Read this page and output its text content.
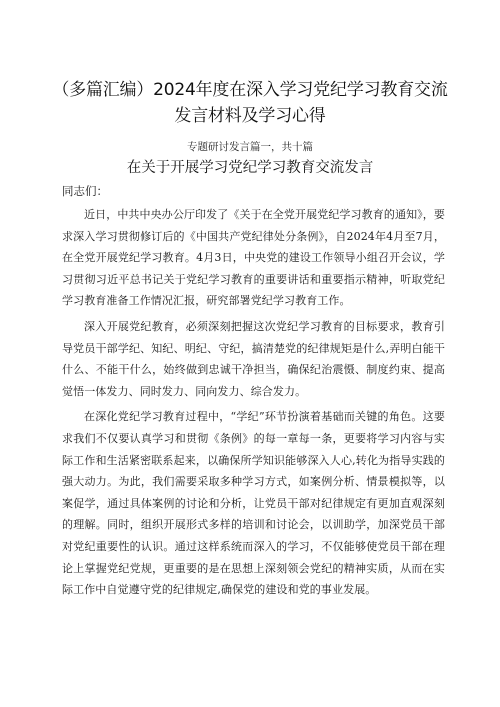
（多篇汇编）2024年度在深入学习党纪学习教育交流
发言材料及学习心得
专题研讨发言篇一，共十篇
在关于开展学习党纪学习教育交流发言
同志们：

近日，中共中央办公厅印发了《关于在全党开展党纪学习教育的通知》，要求深入学习贯彻修订后的《中国共产党纪律处分条例》，自2024年4月至7月，在全党开展党纪学习教育。4月3日，中央党的建设工作领导小组召开会议，学习贯彻习近平总书记关于党纪学习教育的重要讲话和重要指示精神，听取党纪学习教育准备工作情况汇报，研究部署党纪学习教育工作。

深入开展党纪教育，必须深刻把握这次党纪学习教育的目标要求，教育引导党员干部学纪、知纪、明纪、守纪，搞清楚党的纪律规矩是什么,弄明白能干什么、不能干什么，始终做到忠诚干净担当，确保纪治震慑、制度约束、提高觉悟一体发力、同时发力、同向发力、综合发力。

在深化党纪学习教育过程中，“学纪”环节扮演着基础而关键的角色。这要求我们不仅要认真学习和贯彻《条例》的每一章每一条，更要将学习内容与实际工作和生活紧密联系起来，以确保所学知识能够深入人心,转化为指导实践的强大动力。为此，我们需要采取多种学习方式，如案例分析、情景模拟等，以案促学，通过具体案例的讨论和分析，让党员干部对纪律规定有更加直观深刻的理解。同时，组织开展形式多样的培训和讨论会，以训助学，加深党员干部对党纪重要性的认识。通过这样系统而深入的学习，不仅能够使党员干部在理论上掌握党纪党规，更重要的是在思想上深刻领会党纪的精神实质，从而在实际工作中自觉遵守党的纪律规定,确保党的建设和党的事业发展。
